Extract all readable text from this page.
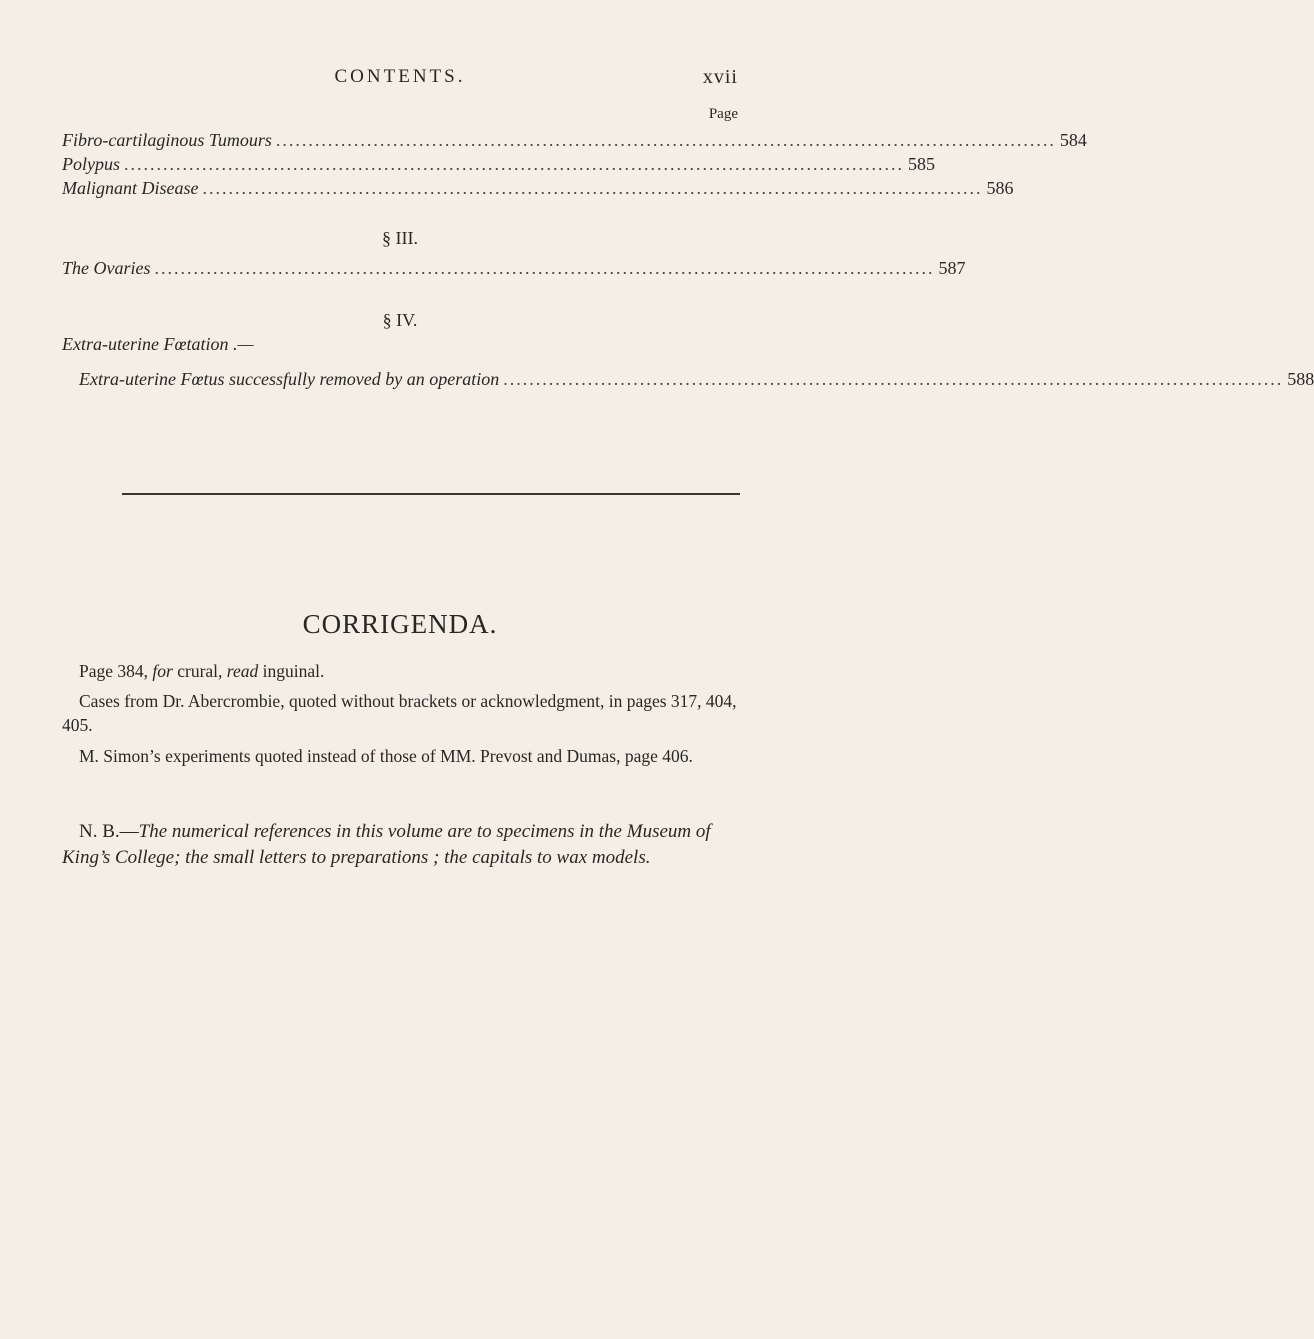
CONTENTS.	xvii
Page
Fibro-cartilaginous Tumours ........................................................................................................................ 584
Polypus ........................................................................................................................ 585
Malignant Disease ........................................................................................................................ 586
§ III.
The Ovaries ........................................................................................................................ 587
§ IV.
Extra-uterine Fœtation .—
Extra-uterine Fœtus successfully removed by an operation ........................................................................................................................ 588
CORRIGENDA.
Page 384, for crural, read inguinal.
Cases from Dr. Abercrombie, quoted without brackets or acknowledgment, in pages 317, 404, 405.
M. Simon’s experiments quoted instead of those of MM. Prevost and Dumas, page 406.
N. B.—The numerical references in this volume are to specimens in the Museum of King’s College; the small letters to preparations ; the capitals to wax models.
